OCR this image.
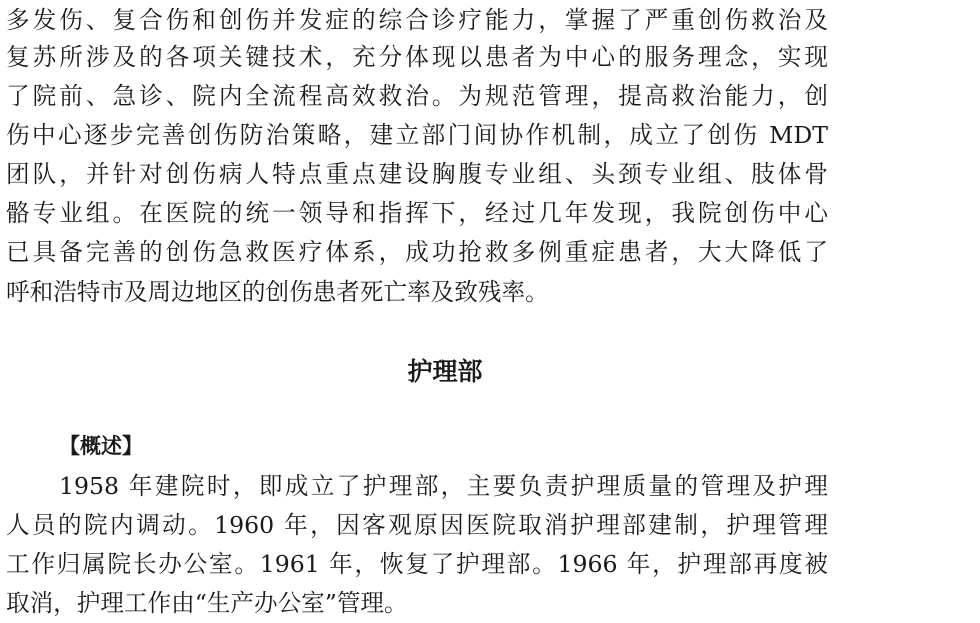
多发伤、复合伤和创伤并发症的综合诊疗能力，掌握了严重创伤救治及
复苏所涉及的各项关键技术，充分体现以患者为中心的服务理念，实现
了院前、急诊、院内全流程高效救治。为规范管理，提高救治能力，创
伤中心逐步完善创伤防治策略，建立部门间协作机制，成立了创伤 MDT
团队，并针对创伤病人特点重点建设胸腹专业组、头颈专业组、肢体骨
骼专业组。在医院的统一领导和指挥下，经过几年发现，我院创伤中心
已具备完善的创伤急救医疗体系，成功抢救多例重症患者，大大降低了
呼和浩特市及周边地区的创伤患者死亡率及致残率。
护理部
【概述】
1958 年建院时，即成立了护理部，主要负责护理质量的管理及护理
人员的院内调动。1960 年，因客观原因医院取消护理部建制，护理管理
工作归属院长办公室。1961 年，恢复了护理部。1966 年，护理部再度被
取消，护理工作由“生产办公室”管理。
